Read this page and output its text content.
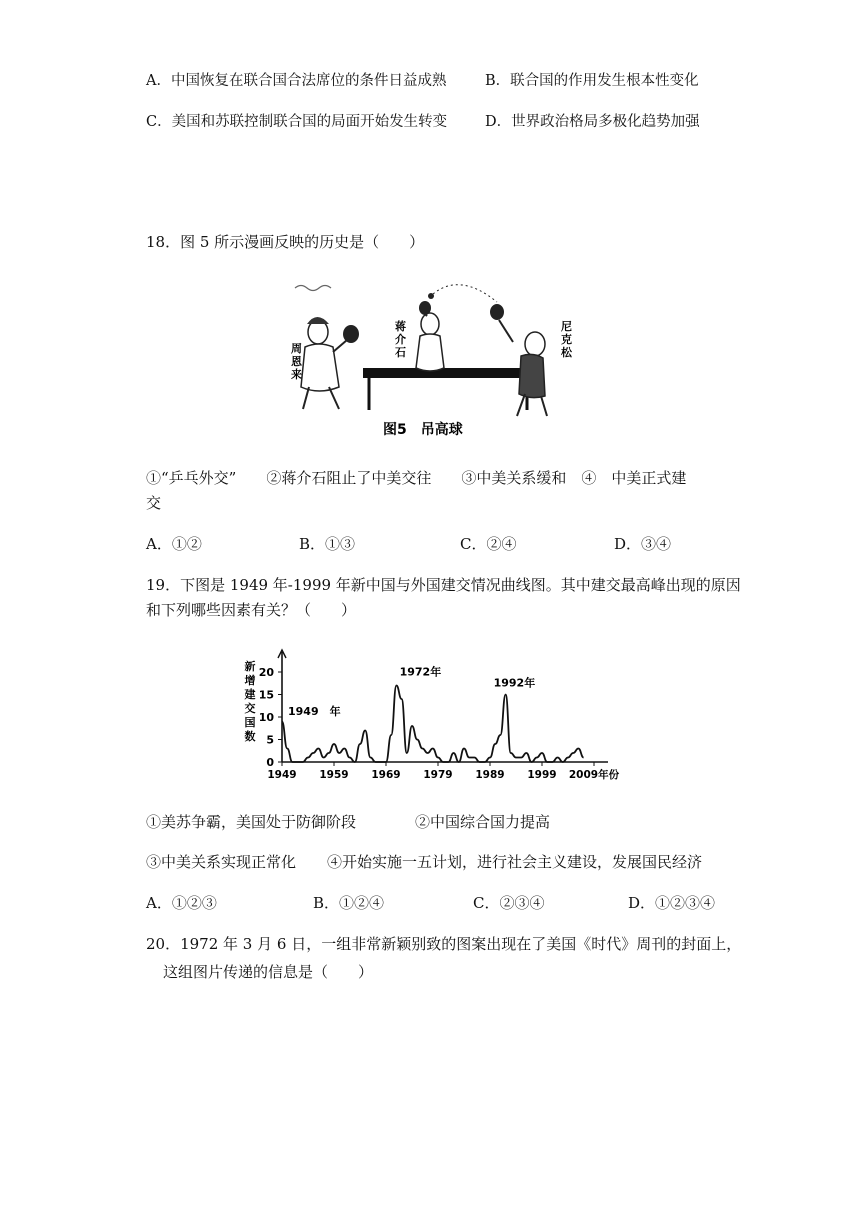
A．中国恢复在联合国合法席位的条件日益成熟	B．联合国的作用发生根本性变化
C．美国和苏联控制联合国的局面开始发生转变	D．世界政治格局多极化趋势加强
18．图 5 所示漫画反映的历史是（　　）
周 恩 来
蒋 介 石
尼 克 松
图5　吊高球
①“乒乓外交”　　②蒋介石阻止了中美交往　　③中美关系缓和　④　中美正式建
交
A．①②	B．①③	C．②④	D．③④
19．下图是 1949 年-1999 年新中国与外国建交情况曲线图。其中建交最高峰出现的原因
和下列哪些因素有关？（　　）
新
增
建
交
国
数
0
5
10
15
20
1949 1959 1969 1979 1989 1999 2009年份
1949　年
1972年
1992年
①美苏争霸，美国处于防御阶段	②中国综合国力提高
③中美关系实现正常化 ④开始实施一五计划，进行社会主义建设，发展国民经济
A．①②③	B．①②④	C．②③④	D．①②③④
20．1972 年 3 月 6 日，一组非常新颖别致的图案出现在了美国《时代》周刊的封面上，
这组图片传递的信息是（　　）
